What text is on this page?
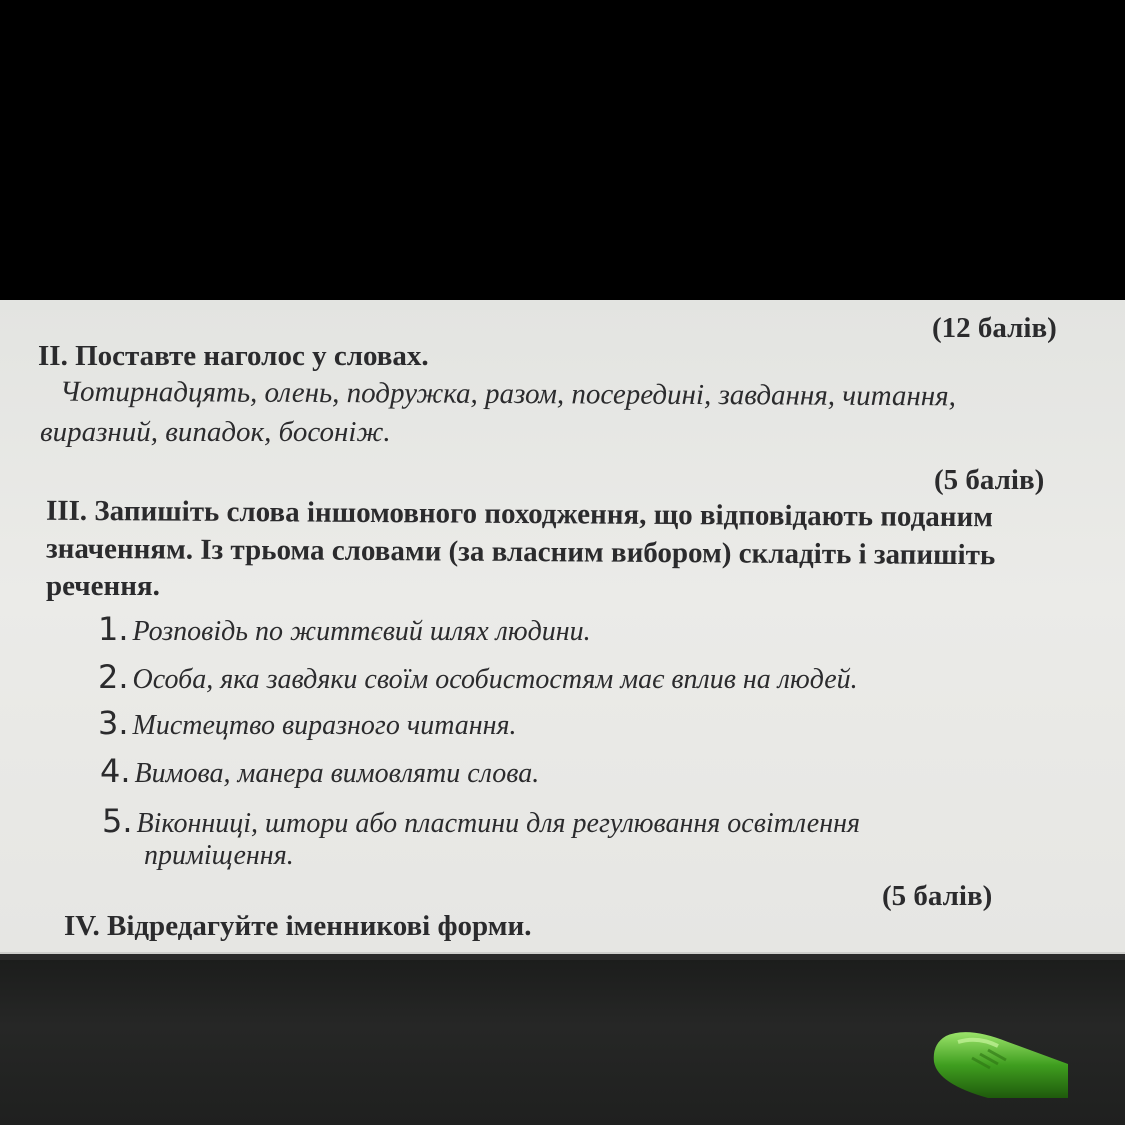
(12 балів)
II. Поставте наголос у словах.
Чотирнадцять, олень, подружка, разом, посередині, завдання, читання,
виразний, випадок, босоніж.
(5 балів)
III. Запишіть слова іншомовного походження, що відповідають поданим
значенням. Із трьома словами (за власним вибором) складіть і запишіть
речення.
1. Розповідь по життєвий шлях людини.
2. Особа, яка завдяки своїм особистостям має вплив на людей.
3. Мистецтво виразного читання.
4. Вимова, манера вимовляти слова.
5. Віконниці, штори або пластини для регулювання освітлення
приміщення.
(5 балів)
IV. Відредагуйте іменникові форми.
